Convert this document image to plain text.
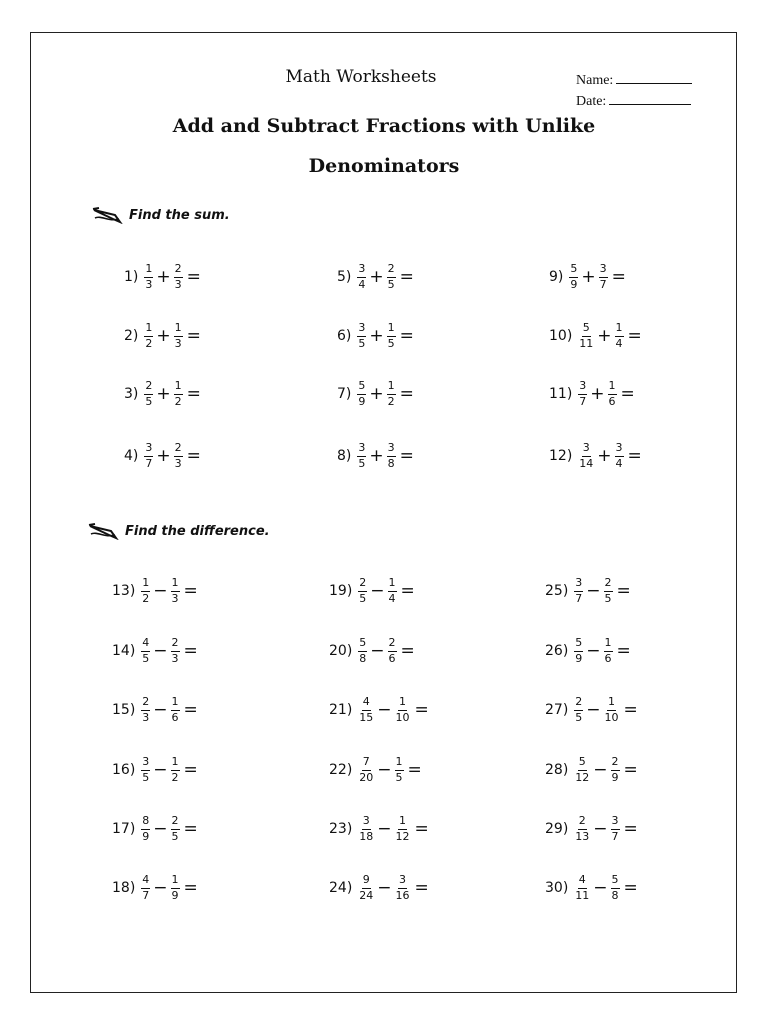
Math Worksheets	Name:
Date:
Add and Subtract Fractions with Unlike
Denominators
Find the sum.
Find the difference.
$1) \frac{1}{3} + \frac{2}{3}$ =
$2) \frac{1}{2} + \frac{1}{3}$ =
$3) \frac{2}{5} + \frac{1}{2}$ =
$4) \frac{3}{7} + \frac{2}{3}$ =
$5) \frac{3}{4} + \frac{2}{5}$ =
$6) \frac{3}{5} + \frac{1}{5}$ =
$7) \frac{5}{9} + \frac{1}{2}$ =
$8) \frac{3}{5} + \frac{3}{8}$ =
$9) \frac{5}{9} + \frac{3}{7}$ =
$10) \frac{5}{11} + \frac{1}{4}$ =
$11) \frac{3}{7} + \frac{1}{6}$ =
$12) \frac{3}{14} + \frac{3}{4}$ =
$13) \frac{1}{2} - \frac{1}{3}$ =
$14) \frac{4}{5} - \frac{2}{3}$ =
$15) \frac{2}{3} - \frac{1}{6}$ =
$16) \frac{3}{5} - \frac{1}{2}$ =
$17) \frac{8}{9} - \frac{2}{5}$ =
$18) \frac{4}{7} - \frac{1}{9}$ =
$19) \frac{2}{5} - \frac{1}{4}$ =
$20) \frac{5}{8} - \frac{2}{6}$ =
$21) \frac{4}{15} - \frac{1}{10}$ =
$22) \frac{7}{20} - \frac{1}{5}$ =
$23) \frac{3}{18} - \frac{1}{12}$ =
$24) \frac{9}{24} - \frac{3}{16}$ =
$25) \frac{3}{7} - \frac{2}{5}$ =
$26) \frac{5}{9} - \frac{1}{6}$ =
$27) \frac{2}{5} - \frac{1}{10}$ =
$28) \frac{5}{12} - \frac{2}{9}$ =
$29) \frac{2}{13} - \frac{3}{7}$ =
$30) \frac{4}{11} - \frac{5}{8}$ =
